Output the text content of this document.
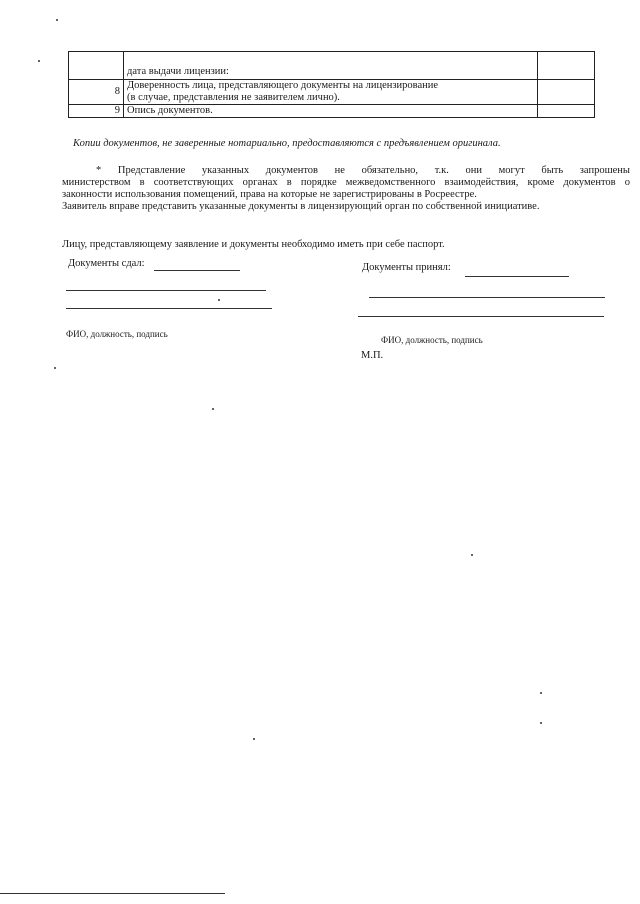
	дата выдачи лицензии:	

8	Доверенность лица, представляющего документы на лицензирование
(в случае, представления не заявителем лично).	

9	Опись документов.	

Копии документов, не заверенные нотариально, предоставляются с предъявлением оригинала.
* Представление указанных документов не обязательно, т.к. они могут быть запрошены
министерством в соответствующих органах в порядке межведомственного взаимодействия, кроме документов о
законности использования помещений, права на которые не зарегистрированы в Росреестре.
Заявитель вправе представить указанные документы в лицензирующий орган по собственной инициативе.
Лицу, представляющему заявление и документы необходимо иметь при себе паспорт.
Документы сдал:
ФИО, должность, подпись
Документы принял:
ФИО, должность, подпись
М.П.
